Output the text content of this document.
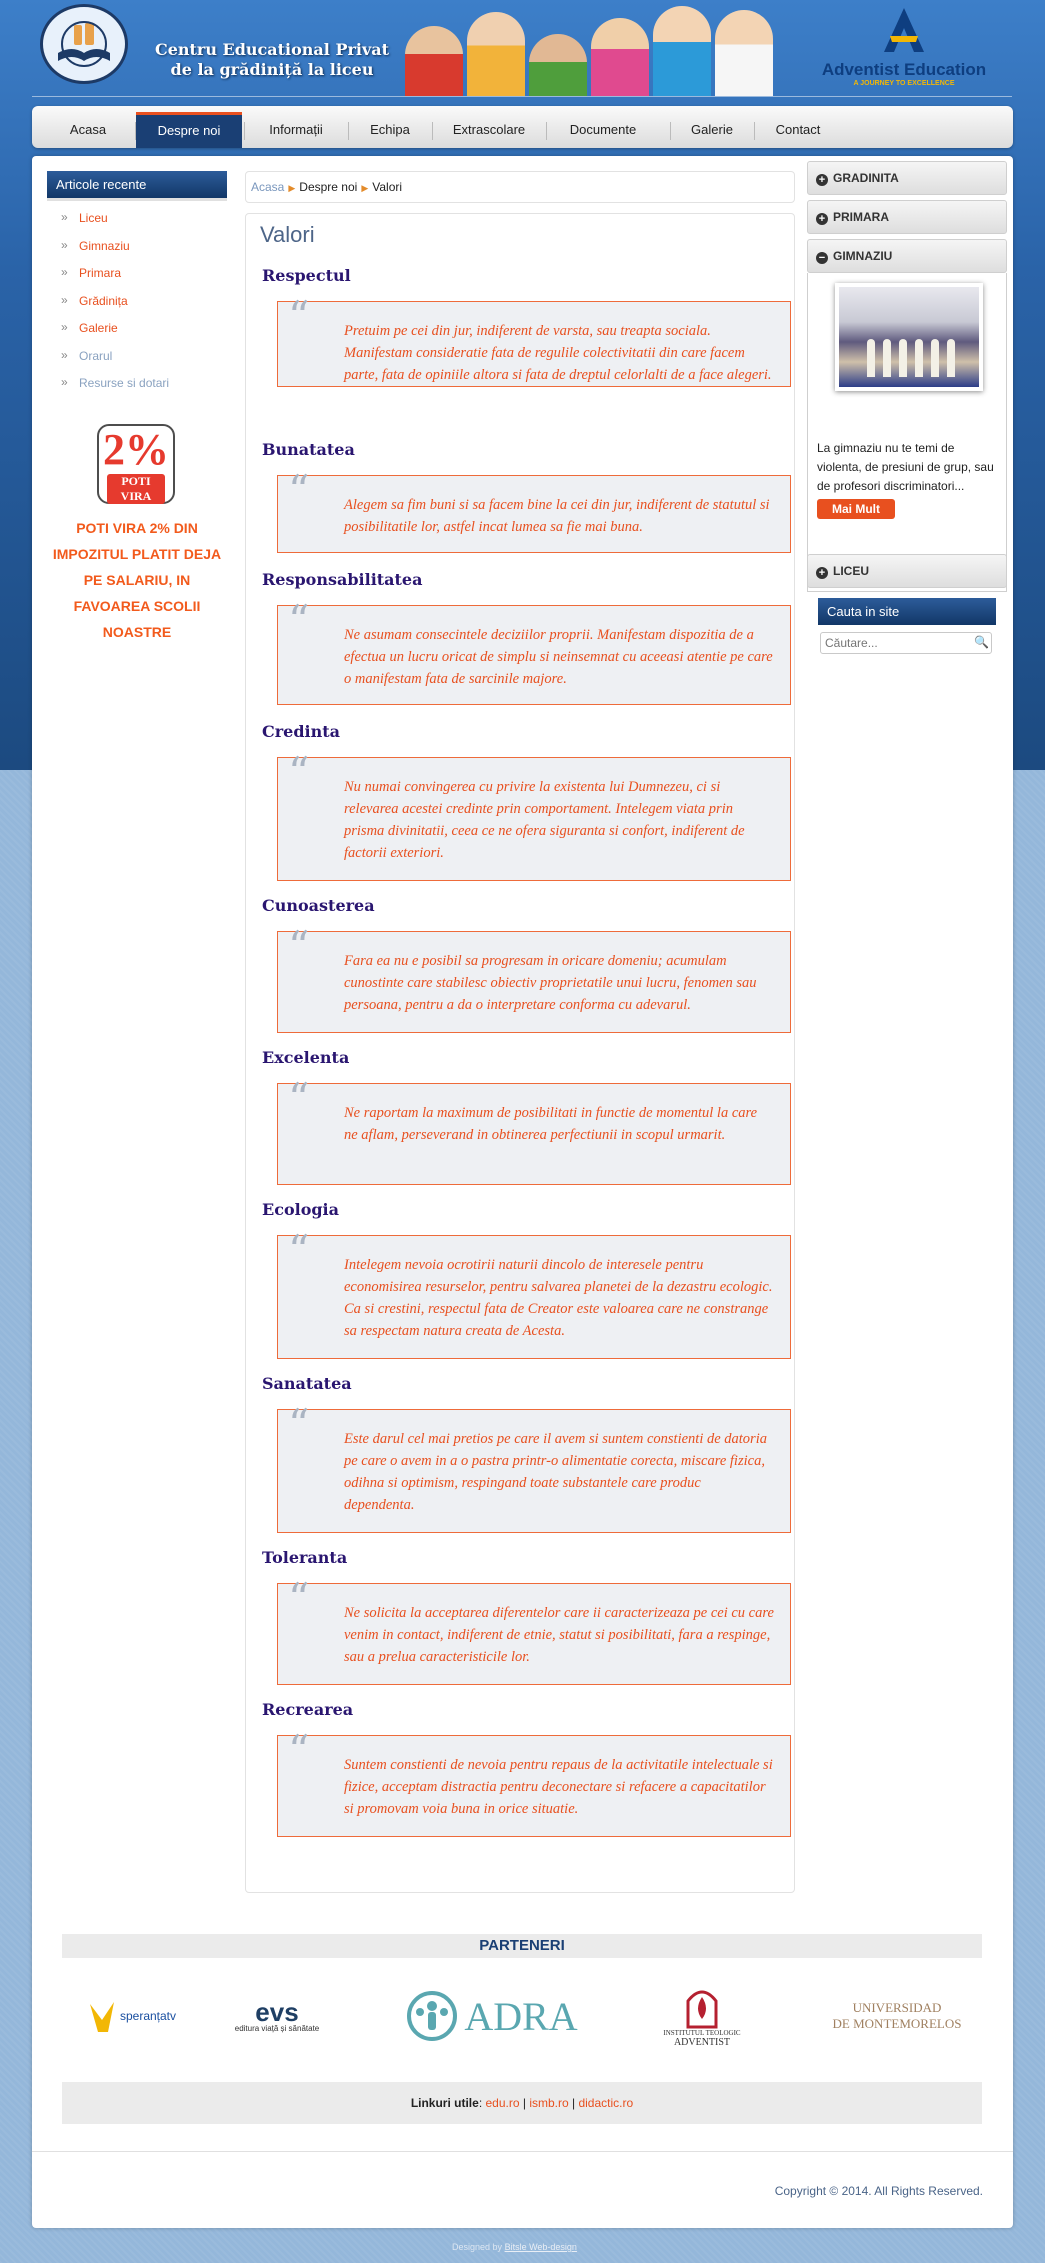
Centru Educational Privat
de la grădiniță la liceu	Adventist Education
A JOURNEY TO EXCELLENCE
Acasa	Despre noi	Informații	Echipa	Extrascolare	Documente	Galerie	Contact
Articole recente
» Liceu
» Gimnaziu
» Primara
» Grădinița
» Galerie
» Orarul
» Resurse si dotari
2%
POTI VIRA
POTI VIRA 2% DIN IMPOZITUL PLATIT DEJA PE SALARIU, IN FAVOAREA SCOLII NOASTRE
Acasa ▶ Despre noi ▶ Valori
Valori
Respectul
“ Pretuim pe cei din jur, indiferent de varsta, sau treapta sociala. Manifestam consideratie fata de regulile colectivitatii din care facem parte, fata de opiniile altora si fata de dreptul celorlalti de a face alegeri.
Bunatatea
“ Alegem sa fim buni si sa facem bine la cei din jur, indiferent de statutul si posibilitatile lor, astfel incat lumea sa fie mai buna.
Responsabilitatea
“ Ne asumam consecintele deciziilor proprii. Manifestam dispozitia de a efectua un lucru oricat de simplu si neinsemnat cu aceeasi atentie pe care o manifestam fata de sarcinile majore.
Credinta
“ Nu numai convingerea cu privire la existenta lui Dumnezeu, ci si relevarea acestei credinte prin comportament. Intelegem viata prin prisma divinitatii, ceea ce ne ofera siguranta si confort, indiferent de factorii exteriori.
Cunoasterea
“ Fara ea nu e posibil sa progresam in oricare domeniu; acumulam cunostinte care stabilesc obiectiv proprietatile unui lucru, fenomen sau persoana, pentru a da o interpretare conforma cu adevarul.
Excelenta
“ Ne raportam la maximum de posibilitati in functie de momentul la care ne aflam, perseverand in obtinerea perfectiunii in scopul urmarit.
Ecologia
“ Intelegem nevoia ocrotirii naturii dincolo de interesele pentru economisirea resurselor, pentru salvarea planetei de la dezastru ecologic. Ca si crestini, respectul fata de Creator este valoarea care ne constrange sa respectam natura creata de Acesta.
Sanatatea
“ Este darul cel mai pretios pe care il avem si suntem constienti de datoria pe care o avem in a o pastra printr-o alimentatie corecta, miscare fizica, odihna si optimism, respingand toate substantele care produc dependenta.
Toleranta
“ Ne solicita la acceptarea diferentelor care ii caracterizeaza pe cei cu care venim in contact, indiferent de etnie, statut si posibilitati, fara a respinge, sau a prelua caracteristicile lor.
Recrearea
“ Suntem constienti de nevoia pentru repaus de la activitatile intelectuale si fizice, acceptam distractia pentru deconectare si refacere a capacitatilor si promovam voia buna in orice situatie.
+ GRADINITA
+ PRIMARA
− GIMNAZIU
La gimnaziu nu te temi de violenta, de presiuni de grup, sau de profesori discriminatori...
Mai Mult
+ LICEU
Cauta in site
Căutare...
🔍
PARTENERI
speranțatv	evs
editura viață și sănătate	ADRA	INSTITUTUL TEOLOGIC
ADVENTIST
UNIVERSIDAD
DE MONTEMORELOS
Linkuri utile: edu.ro | ismb.ro | didactic.ro
Copyright © 2014. All Rights Reserved.
Designed by Bitsle Web-design
